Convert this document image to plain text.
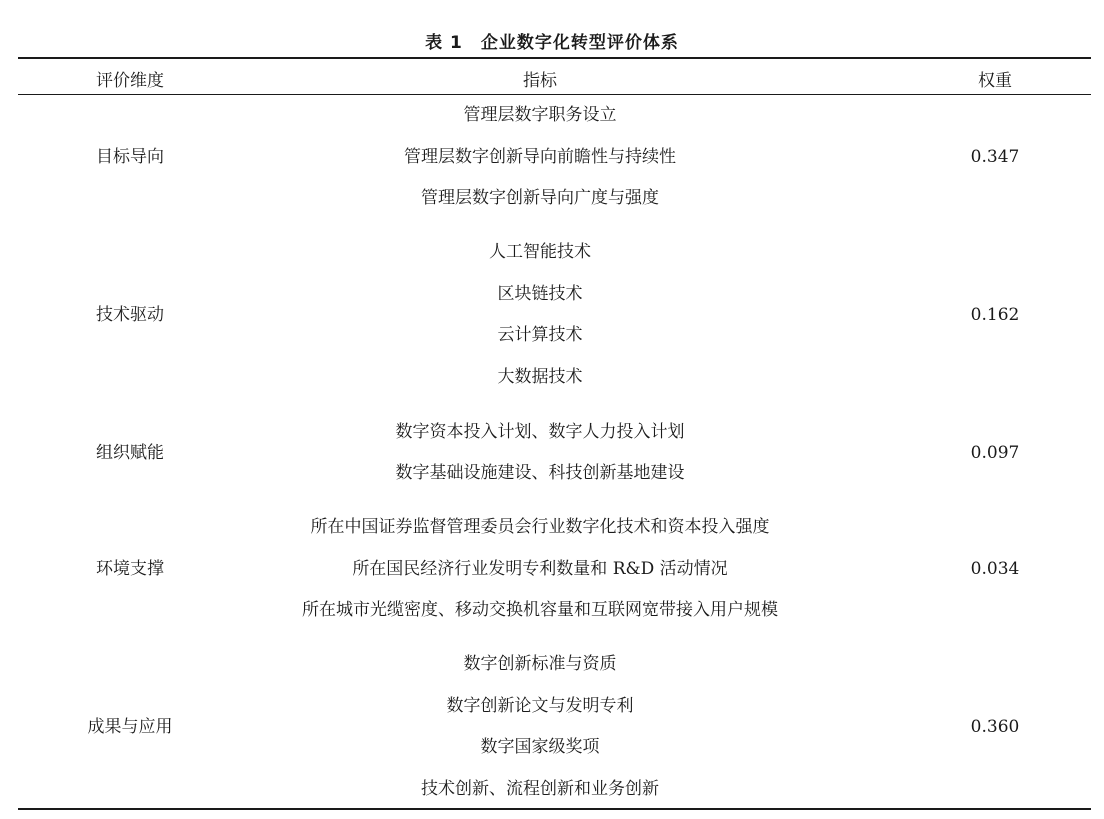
表 1 企业数字化转型评价体系
评价维度	指标	权重
目标导向
管理层数字职务设立
管理层数字创新导向前瞻性与持续性
管理层数字创新导向广度与强度
0.347
技术驱动
人工智能技术
区块链技术
云计算技术
大数据技术
0.162
组织赋能
数字资本投入计划、数字人力投入计划
数字基础设施建设、科技创新基地建设
0.097
环境支撑
所在中国证券监督管理委员会行业数字化技术和资本投入强度
所在国民经济行业发明专利数量和 R&D 活动情况
所在城市光缆密度、移动交换机容量和互联网宽带接入用户规模
0.034
成果与应用
数字创新标准与资质
数字创新论文与发明专利
数字国家级奖项
技术创新、流程创新和业务创新
0.360
